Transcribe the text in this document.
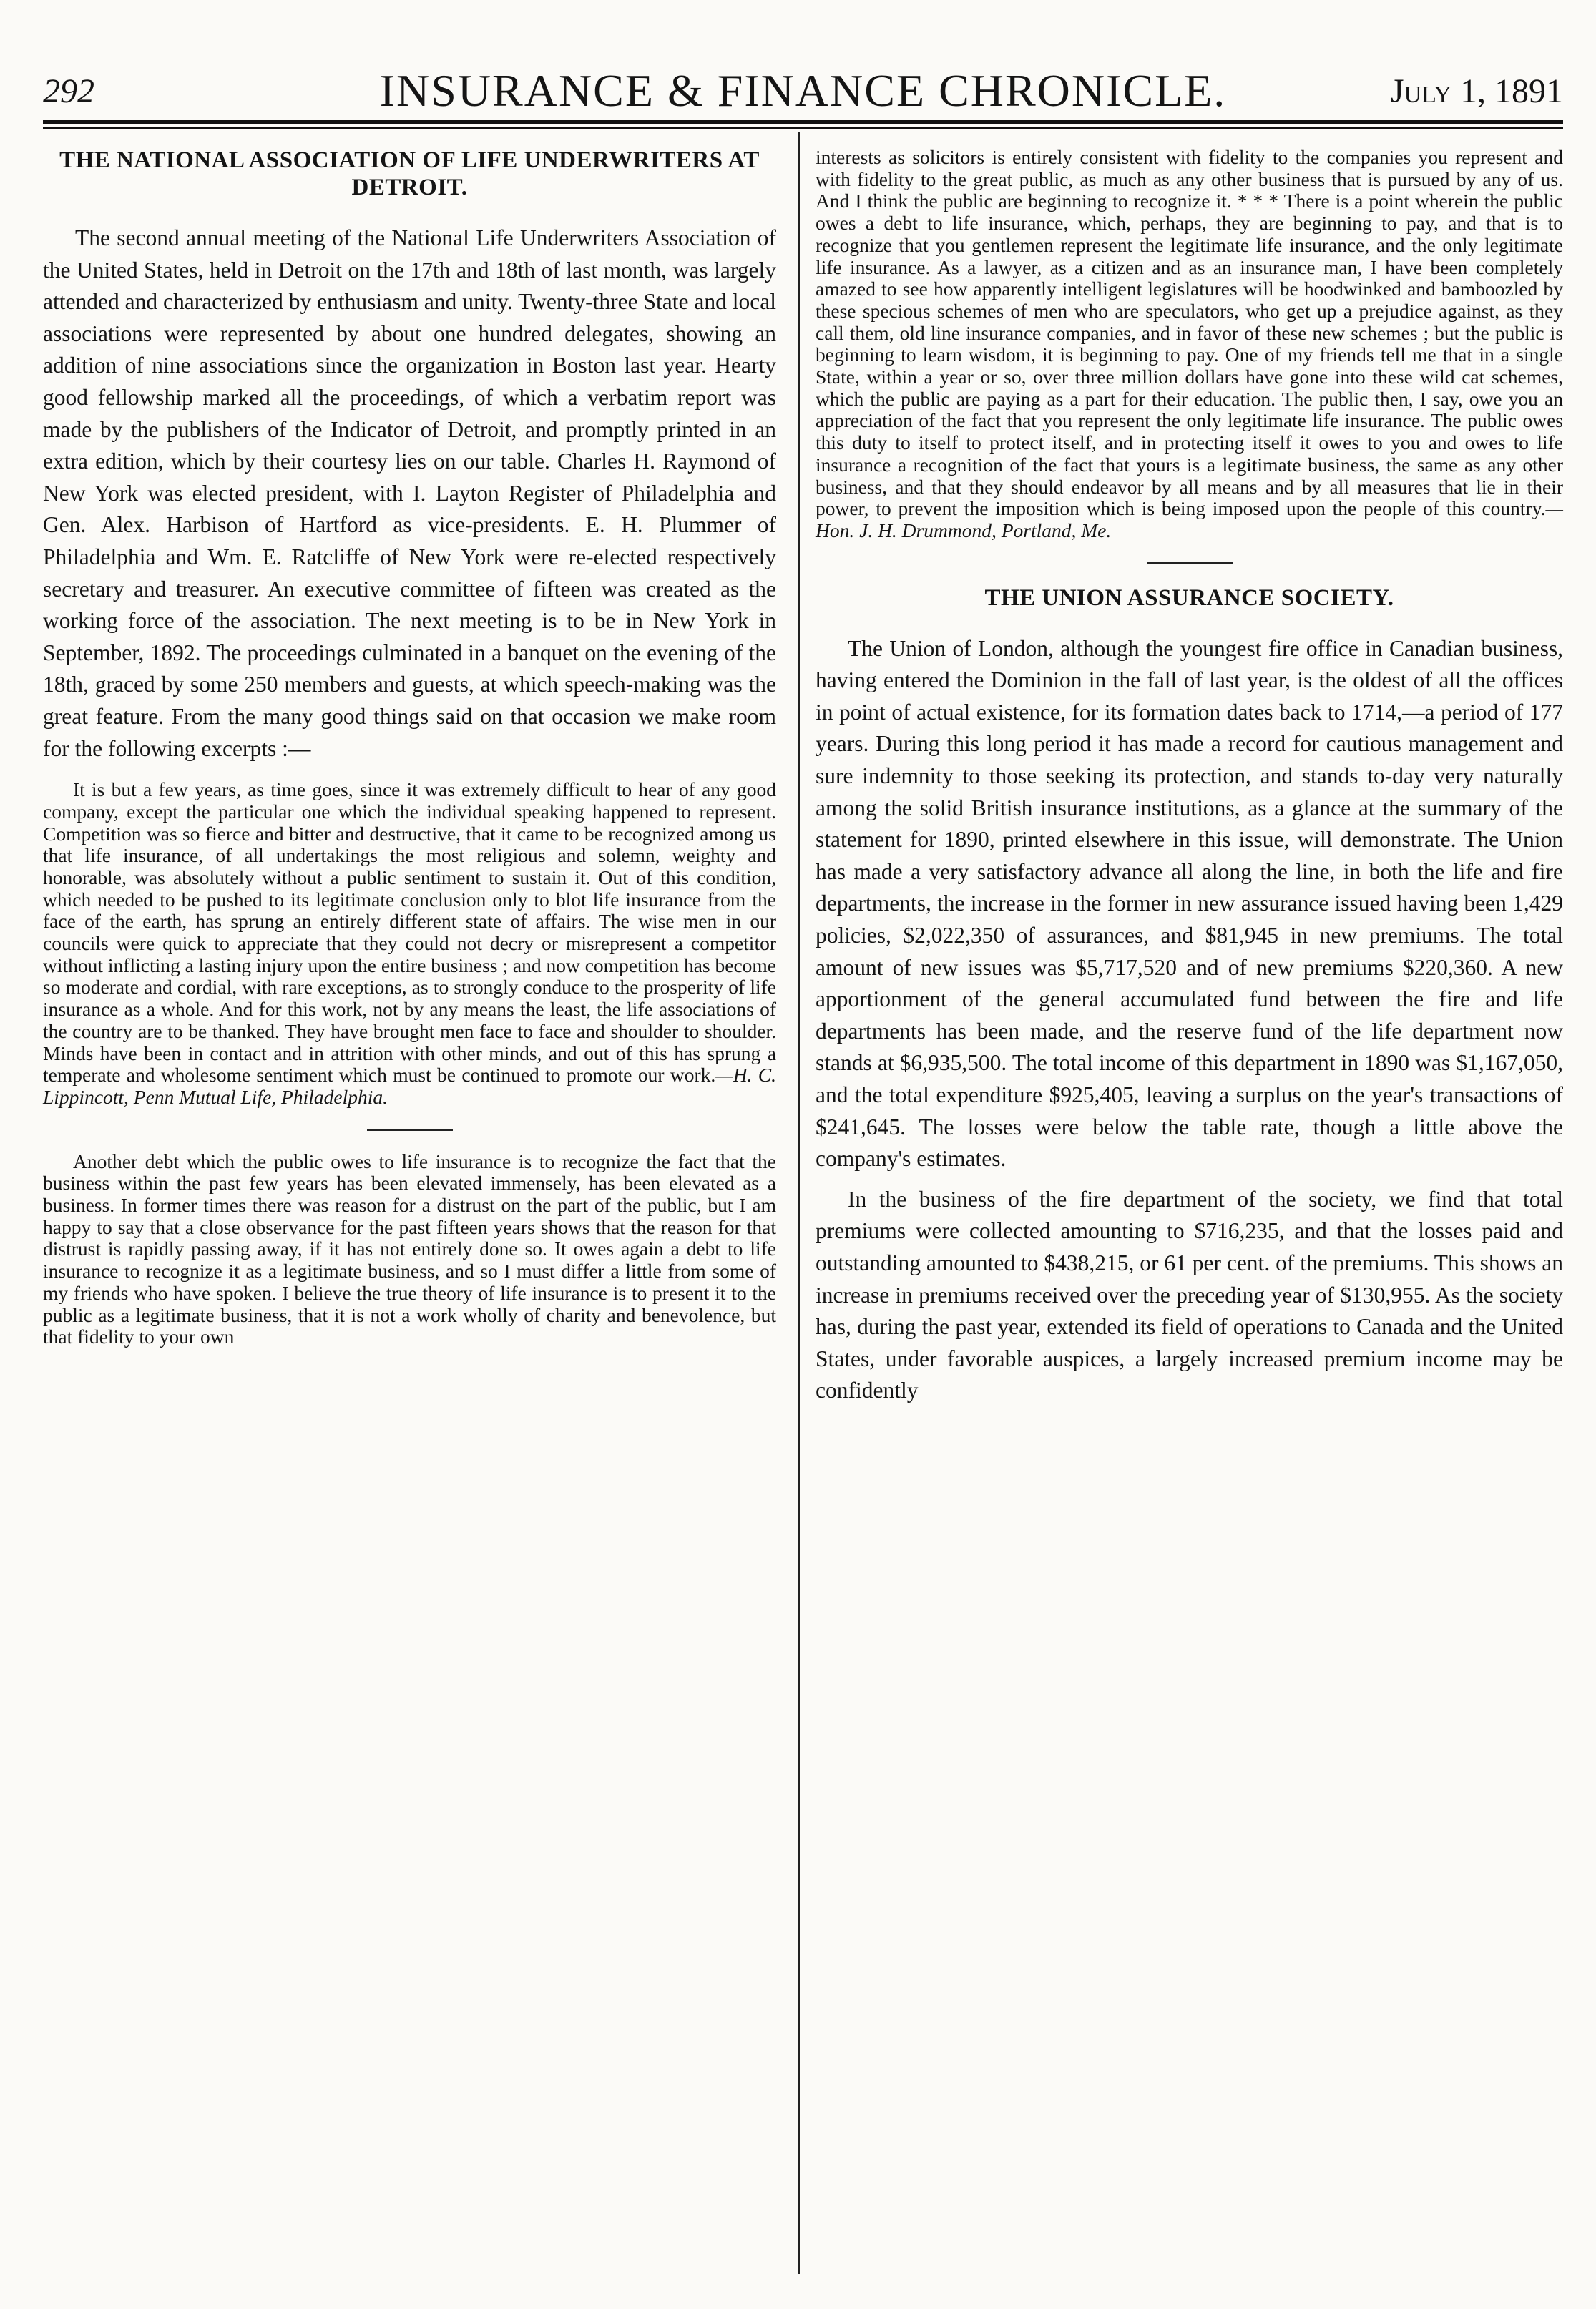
292	INSURANCE & FINANCE CHRONICLE.	July 1, 1891
THE NATIONAL ASSOCIATION OF LIFE UNDERWRITERS AT DETROIT.

The second annual meeting of the National Life Underwriters Association of the United States, held in Detroit on the 17th and 18th of last month, was largely attended and characterized by enthusiasm and unity. Twenty-three State and local associations were represented by about one hundred delegates, showing an addition of nine associations since the organization in Boston last year. Hearty good fellowship marked all the proceedings, of which a verbatim report was made by the publishers of the Indicator of Detroit, and promptly printed in an extra edition, which by their courtesy lies on our table. Charles H. Raymond of New York was elected president, with I. Layton Register of Philadelphia and Gen. Alex. Harbison of Hartford as vice-presidents. E. H. Plummer of Philadelphia and Wm. E. Ratcliffe of New York were re-elected respectively secretary and treasurer. An executive committee of fifteen was created as the working force of the association. The next meeting is to be in New York in September, 1892. The proceedings culminated in a banquet on the evening of the 18th, graced by some 250 members and guests, at which speech-making was the great feature. From the many good things said on that occasion we make room for the following excerpts :—

It is but a few years, as time goes, since it was extremely difficult to hear of any good company, except the particular one which the individual speaking happened to represent. Competition was so fierce and bitter and destructive, that it came to be recognized among us that life insurance, of all undertakings the most religious and solemn, weighty and honorable, was absolutely without a public sentiment to sustain it. Out of this condition, which needed to be pushed to its legitimate conclusion only to blot life insurance from the face of the earth, has sprung an entirely different state of affairs. The wise men in our councils were quick to appreciate that they could not decry or misrepresent a competitor without inflicting a lasting injury upon the entire business ; and now competition has become so moderate and cordial, with rare exceptions, as to strongly conduce to the prosperity of life insurance as a whole. And for this work, not by any means the least, the life associations of the country are to be thanked. They have brought men face to face and shoulder to shoulder. Minds have been in contact and in attrition with other minds, and out of this has sprung a temperate and wholesome sentiment which must be continued to promote our work.—H. C. Lippincott, Penn Mutual Life, Philadelphia.

Another debt which the public owes to life insurance is to recognize the fact that the business within the past few years has been elevated immensely, has been elevated as a business. In former times there was reason for a distrust on the part of the public, but I am happy to say that a close observance for the past fifteen years shows that the reason for that distrust is rapidly passing away, if it has not entirely done so. It owes again a debt to life insurance to recognize it as a legitimate business, and so I must differ a little from some of my friends who have spoken. I believe the true theory of life insurance is to present it to the public as a legitimate business, that it is not a work wholly of charity and benevolence, but that fidelity to your own

interests as solicitors is entirely consistent with fidelity to the companies you represent and with fidelity to the great public, as much as any other business that is pursued by any of us. And I think the public are beginning to recognize it. * * * There is a point wherein the public owes a debt to life insurance, which, perhaps, they are beginning to pay, and that is to recognize that you gentlemen represent the legitimate life insurance, and the only legitimate life insurance. As a lawyer, as a citizen and as an insurance man, I have been completely amazed to see how apparently intelligent legislatures will be hoodwinked and bamboozled by these specious schemes of men who are speculators, who get up a prejudice against, as they call them, old line insurance companies, and in favor of these new schemes ; but the public is beginning to learn wisdom, it is beginning to pay. One of my friends tell me that in a single State, within a year or so, over three million dollars have gone into these wild cat schemes, which the public are paying as a part for their education. The public then, I say, owe you an appreciation of the fact that you represent the only legitimate life insurance. The public owes this duty to itself to protect itself, and in protecting itself it owes to you and owes to life insurance a recognition of the fact that yours is a legitimate business, the same as any other business, and that they should endeavor by all means and by all measures that lie in their power, to prevent the imposition which is being imposed upon the people of this country.—Hon. J. H. Drummond, Portland, Me.

THE UNION ASSURANCE SOCIETY.

The Union of London, although the youngest fire office in Canadian business, having entered the Dominion in the fall of last year, is the oldest of all the offices in point of actual existence, for its formation dates back to 1714,—a period of 177 years. During this long period it has made a record for cautious management and sure indemnity to those seeking its protection, and stands to-day very naturally among the solid British insurance institutions, as a glance at the summary of the statement for 1890, printed elsewhere in this issue, will demonstrate. The Union has made a very satisfactory advance all along the line, in both the life and fire departments, the increase in the former in new assurance issued having been 1,429 policies, $2,022,350 of assurances, and $81,945 in new premiums. The total amount of new issues was $5,717,520 and of new premiums $220,360. A new apportionment of the general accumulated fund between the fire and life departments has been made, and the reserve fund of the life department now stands at $6,935,500. The total income of this department in 1890 was $1,167,050, and the total expenditure $925,405, leaving a surplus on the year's transactions of $241,645. The losses were below the table rate, though a little above the company's estimates.

In the business of the fire department of the society, we find that total premiums were collected amounting to $716,235, and that the losses paid and outstanding amounted to $438,215, or 61 per cent. of the premiums. This shows an increase in premiums received over the preceding year of $130,955. As the society has, during the past year, extended its field of operations to Canada and the United States, under favorable auspices, a largely increased premium income may be confidently
